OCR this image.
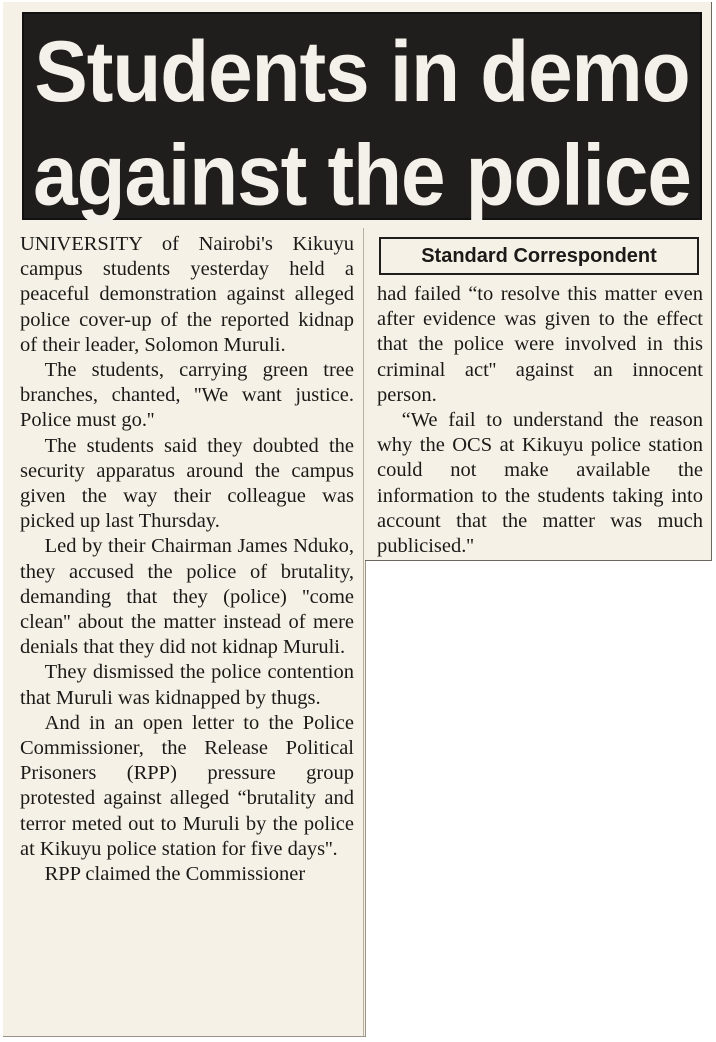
Students in demo
against the police

UNIVERSITY of Nairobi's Kikuyu campus students yesterday held a peaceful demonstration against alleged police cover-up of the reported kidnap of their leader, Solomon Muruli.

The students, carrying green tree branches, chanted, ''We want justice. Police must go.''

The students said they doubted the security apparatus around the campus given the way their colleague was picked up last Thursday.

Led by their Chairman James Nduko, they accused the police of brutality, demanding that they (police) ''come clean'' about the matter instead of mere denials that they did not kidnap Muruli.

They dismissed the police contention that Muruli was kidnapped by thugs.

And in an open letter to the Police Commissioner, the Release Political Prisoners (RPP) pressure group protested against alleged “brutality and terror meted out to Muruli by the police at Kikuyu police station for five days''.

RPP claimed the Commissioner

Standard Correspondent

had failed “to resolve this matter even after evidence was given to the effect that the police were involved in this criminal act'' against an innocent person.

“We fail to understand the reason why the OCS at Kikuyu police station could not make available the information to the students taking into account that the matter was much publicised.''
